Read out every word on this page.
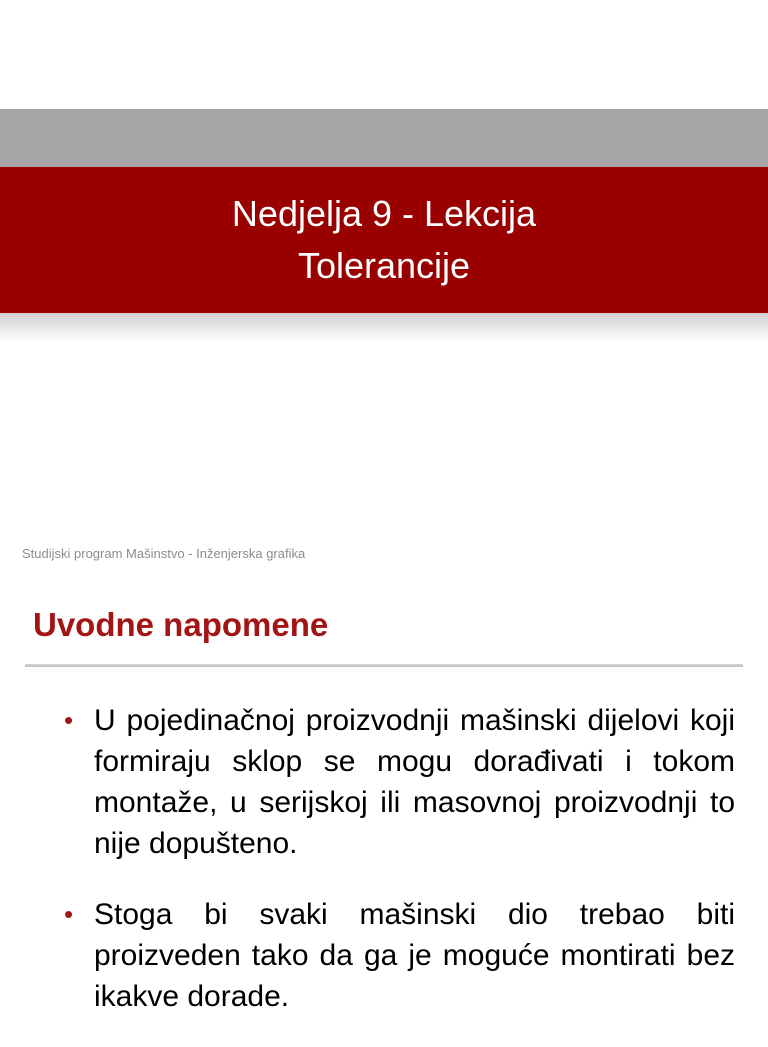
Nedjelja 9 - Lekcija
Tolerancije
Studijski program Mašinstvo - Inženjerska grafika
Uvodne napomene
• U pojedinačnoj proizvodnji mašinski dijelovi koji formiraju sklop se mogu dorađivati i tokom montaže, u serijskoj ili masovnoj proizvodnji to nije dopušteno.
• Stoga bi svaki mašinski dio trebao biti proizveden tako da ga je moguće montirati bez ikakve dorade.
